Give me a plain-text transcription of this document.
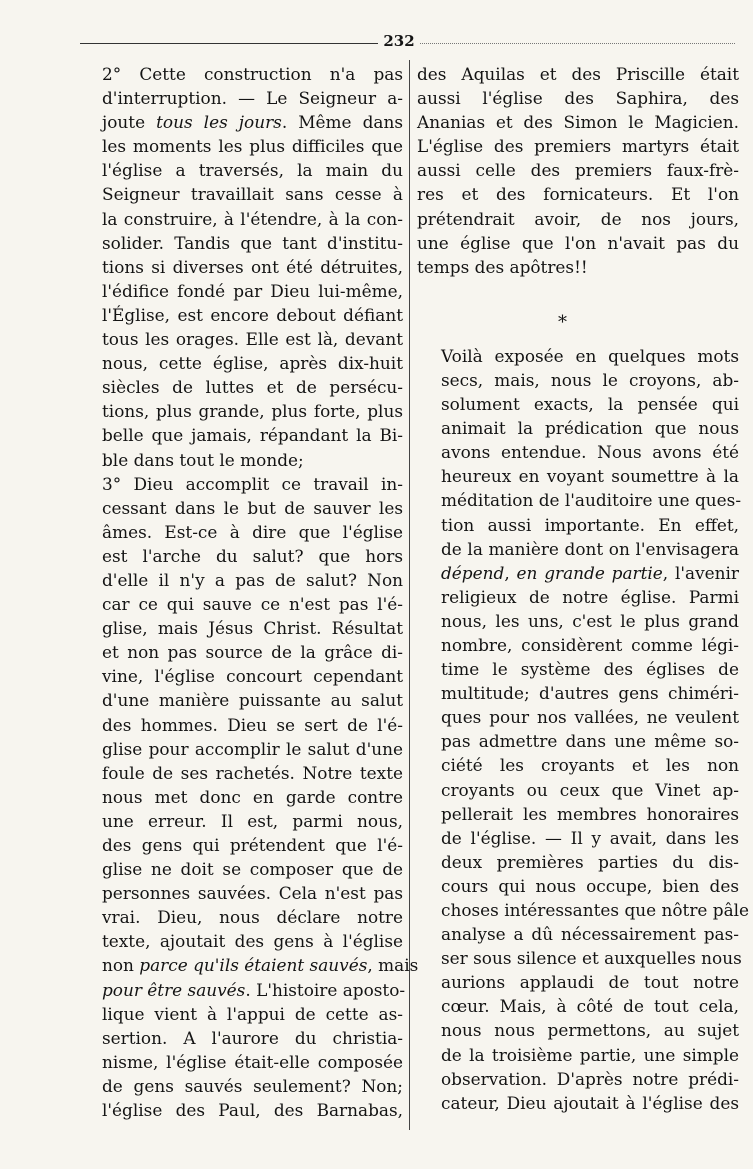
232

2° Cette construction n'a pas
d'interruption. — Le Seigneur a-
joute tous les jours. Même dans
les moments les plus difficiles que
l'église a traversés, la main du
Seigneur travaillait sans cesse à
la construire, à l'étendre, à la con-
solider. Tandis que tant d'institu-
tions si diverses ont été détruites,
l'édifice fondé par Dieu lui-même,
l'Église, est encore debout défiant
tous les orages. Elle est là, devant
nous, cette église, après dix-huit
siècles de luttes et de persécu-
tions, plus grande, plus forte, plus
belle que jamais, répandant la Bi-
ble dans tout le monde;

3° Dieu accomplit ce travail in-
cessant dans le but de sauver les
âmes. Est-ce à dire que l'église
est l'arche du salut? que hors
d'elle il n'y a pas de salut? Non
car ce qui sauve ce n'est pas l'é-
glise, mais Jésus Christ. Résultat
et non pas source de la grâce di-
vine, l'église concourt cependant
d'une manière puissante au salut
des hommes. Dieu se sert de l'é-
glise pour accomplir le salut d'une
foule de ses rachetés. Notre texte
nous met donc en garde contre
une erreur. Il est, parmi nous,
des gens qui prétendent que l'é-
glise ne doit se composer que de
personnes sauvées. Cela n'est pas
vrai. Dieu, nous déclare notre
texte, ajoutait des gens à l'église
non parce qu'ils étaient sauvés, mais
pour être sauvés. L'histoire aposto-
lique vient à l'appui de cette as-
sertion. A l'aurore du christia-
nisme, l'église était-elle composée
de gens sauvés seulement? Non;
l'église des Paul, des Barnabas,

des Aquilas et des Priscille était
aussi l'église des Saphira, des
Ananias et des Simon le Magicien.
L'église des premiers martyrs était
aussi celle des premiers faux-frè-
res et des fornicateurs. Et l'on
prétendrait avoir, de nos jours,
une église que l'on n'avait pas du
temps des apôtres!!

Voilà exposée en quelques mots
secs, mais, nous le croyons, ab-
solument exacts, la pensée qui
animait la prédication que nous
avons entendue. Nous avons été
heureux en voyant soumettre à la
méditation de l'auditoire une ques-
tion aussi importante. En effet,
de la manière dont on l'envisagera
dépend, en grande partie, l'avenir
religieux de notre église. Parmi
nous, les uns, c'est le plus grand
nombre, considèrent comme légi-
time le système des églises de
multitude; d'autres gens chiméri-
ques pour nos vallées, ne veulent
pas admettre dans une même so-
ciété les croyants et les non
croyants ou ceux que Vinet ap-
pellerait les membres honoraires
de l'église. — Il y avait, dans les
deux premières parties du dis-
cours qui nous occupe, bien des
choses intéressantes que nôtre pâle
analyse a dû nécessairement pas-
ser sous silence et auxquelles nous
aurions applaudi de tout notre
cœur. Mais, à côté de tout cela,
nous nous permettons, au sujet
de la troisième partie, une simple
observation. D'après notre prédi-
cateur, Dieu ajoutait à l'église des

*
